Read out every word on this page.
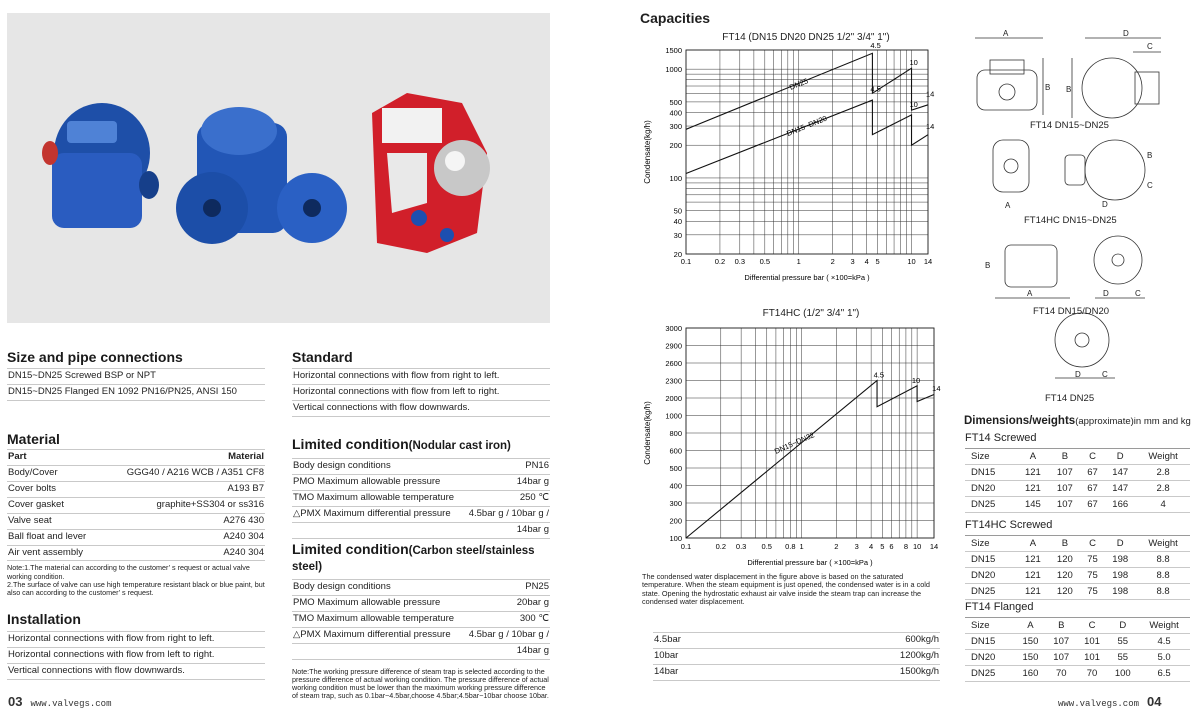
Size and pipe connections
DN15~DN25 Screwed BSP or NPT
DN15~DN25 Flanged EN 1092 PN16/PN25, ANSI 150
Standard
Horizontal connections with flow from right to left.
Horizontal connections with flow from left to right.
Vertical connections with flow downwards.
Material
Part	Material
Body/Cover	GGG40 / A216 WCB / A351 CF8
Cover bolts	A193 B7
Cover gasket	graphite+SS304 or ss316
Valve seat	A276 430
Ball float and lever	A240 304
Air vent assembly	A240 304
Note:1.The material can according to the customer’ s request or actual valve working condition.
2.The surface of valve can use high temperature resistant black or blue paint, but also can according to the customer’ s request.
Limited condition(Nodular cast iron)
Body design conditions	PN16
PMO Maximum allowable pressure	14bar g
TMO Maximum allowable temperature	250 ℃
△PMX Maximum differential pressure	4.5bar g / 10bar g /
	14bar g
Limited condition(Carbon steel/stainless steel)
Body design conditions	PN25
PMO Maximum allowable pressure	20bar g
TMO Maximum allowable temperature	300 ℃
△PMX Maximum differential pressure	4.5bar g / 10bar g /
	14bar g
Note:The working pressure difference of steam trap is selected according to the pressure difference of actual working condition. The pressure difference of actual working condition must be lower than the maximum working pressure difference of steam trap, such as 0.1bar~4.5bar,choose 4.5bar;4.5bar~10bar choose 10bar.
Installation
Horizontal connections with flow from right to left.
Horizontal connections with flow from left to right.
Vertical connections with flow downwards.
03 www.valvegs.com
Capacities
FT14 (DN15 DN20 DN25 1/2" 3/4" 1")
0.1	0.2 0.3 0.5	1	2 3 4 5	10 14
20
30
40
50
100
200
300
400
500
1000
1500
Differential pressure bar ( ×100=kPa )
Condensate(kg/h)
DN25
DN15~DN20
4.5
10
4.5
14
10
14
FT14HC (1/2" 3/4" 1")
0.1	0.2 0.3 0.5 0.8 1	2 3 4 5 6 8 10 14
100
200
300
400
500
600
800
1000
2000
2300
2600
2900
3000
Differential pressure bar ( ×100=kPa )
Condensate(kg/h)	DN15~DN32
4.5
10
14
The condensed water displacement in the figure above is based on the saturated temperature. When the steam equipment is just opened, the condensed water is in a cold state. Opening the hydrostatic exhaust air valve inside the steam trap can increase the condensed water displacement.
4.5bar	600kg/h
10bar	1200kg/h
14bar	1500kg/h
A	D
C
B B
A	D
B
C
A	D	C
B
D	C
FT14 DN15~DN25
FT14HC DN15~DN25
FT14 DN15/DN20
FT14 DN25
Dimensions/weights(approximate)in mm and kg
FT14 Screwed
Size	A	B	C	D	Weight
DN15	121	107	67	147	2.8
DN20	121	107	67	147	2.8
DN25	145	107	67	166	4
FT14HC Screwed
Size	A	B	C	D	Weight
DN15	121	120	75	198	8.8
DN20	121	120	75	198	8.8
DN25	121	120	75	198	8.8
FT14 Flanged
Size	A	B	C	D	Weight
DN15	150	107	101	55	4.5
DN20	150	107	101	55	5.0
DN25	160	70	70	100	6.5
www.valvegs.com 04
